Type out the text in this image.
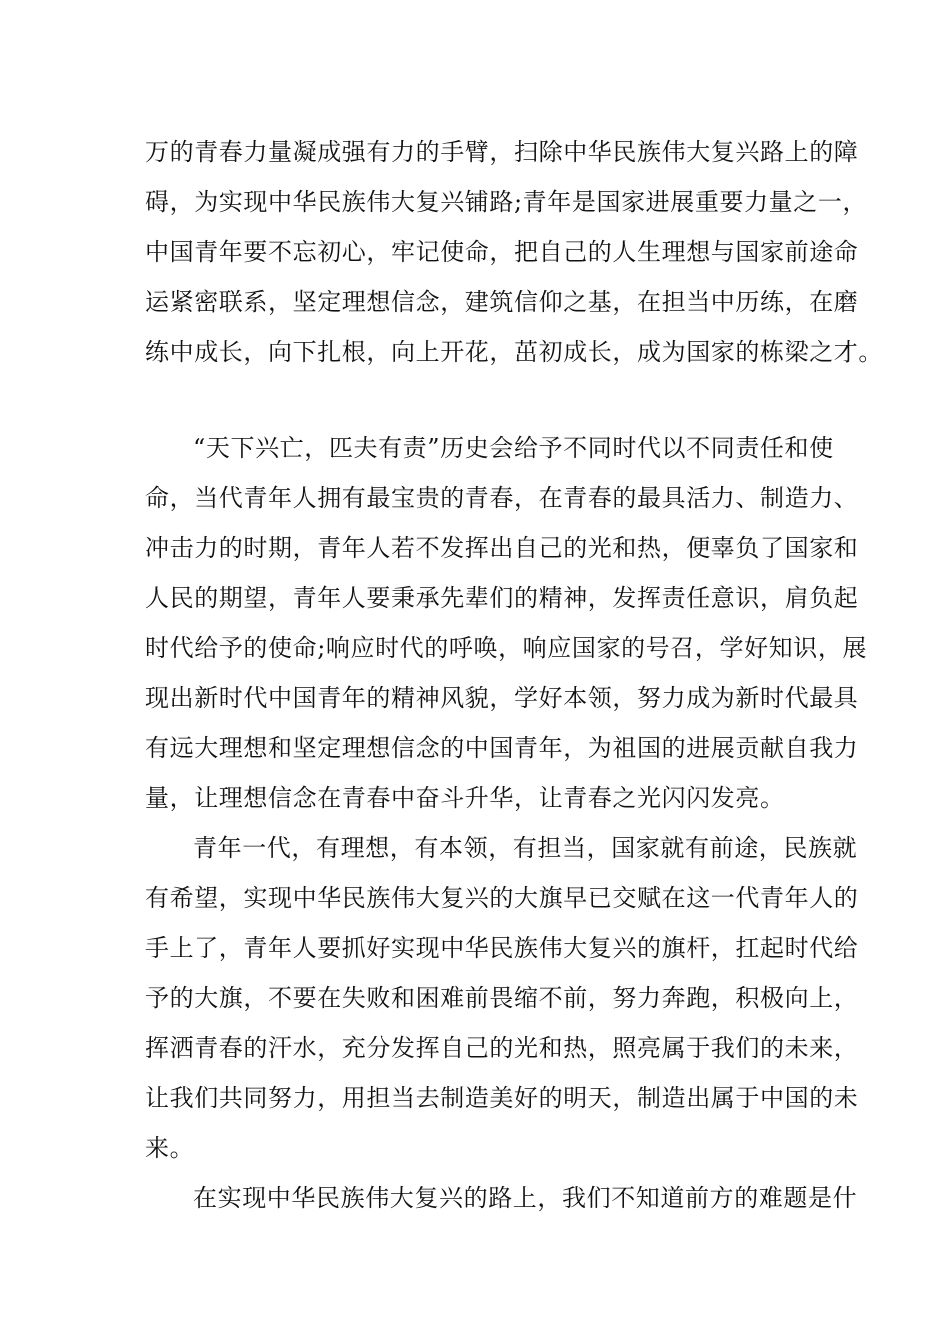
万的青春力量凝成强有力的手臂，扫除中华民族伟大复兴路上的障
碍，为实现中华民族伟大复兴铺路;青年是国家进展重要力量之一，
中国青年要不忘初心，牢记使命，把自己的人生理想与国家前途命
运紧密联系，坚定理想信念，建筑信仰之基，在担当中历练，在磨
练中成长，向下扎根，向上开花，茁初成长，成为国家的栋梁之才。
“天下兴亡，匹夫有责”历史会给予不同时代以不同责任和使
命，当代青年人拥有最宝贵的青春，在青春的最具活力、制造力、
冲击力的时期，青年人若不发挥出自己的光和热，便辜负了国家和
人民的期望，青年人要秉承先辈们的精神，发挥责任意识，肩负起
时代给予的使命;响应时代的呼唤，响应国家的号召，学好知识，展
现出新时代中国青年的精神风貌，学好本领，努力成为新时代最具
有远大理想和坚定理想信念的中国青年，为祖国的进展贡献自我力
量，让理想信念在青春中奋斗升华，让青春之光闪闪发亮。
青年一代，有理想，有本领，有担当，国家就有前途，民族就
有希望，实现中华民族伟大复兴的大旗早已交赋在这一代青年人的
手上了，青年人要抓好实现中华民族伟大复兴的旗杆，扛起时代给
予的大旗，不要在失败和困难前畏缩不前，努力奔跑，积极向上，
挥洒青春的汗水，充分发挥自己的光和热，照亮属于我们的未来，
让我们共同努力，用担当去制造美好的明天，制造出属于中国的未
来。
在实现中华民族伟大复兴的路上，我们不知道前方的难题是什
